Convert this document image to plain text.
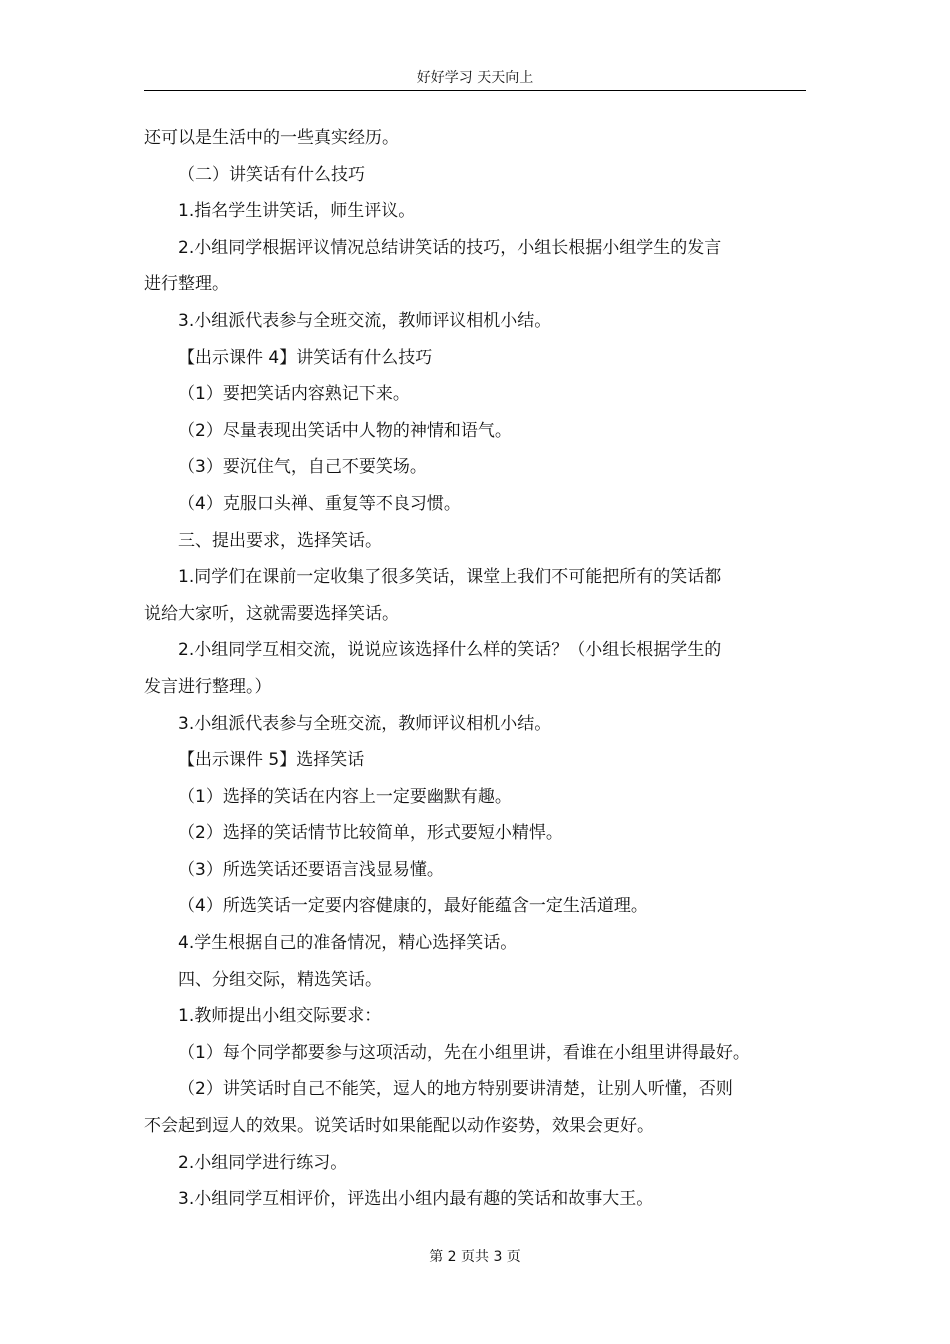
好好学习 天天向上

还可以是生活中的一些真实经历。

（二）讲笑话有什么技巧

1.指名学生讲笑话，师生评议。

2.小组同学根据评议情况总结讲笑话的技巧，小组长根据小组学生的发言

进行整理。

3.小组派代表参与全班交流，教师评议相机小结。

【出示课件 4】讲笑话有什么技巧

（1）要把笑话内容熟记下来。

（2）尽量表现出笑话中人物的神情和语气。

（3）要沉住气，自己不要笑场。

（4）克服口头禅、重复等不良习惯。

三、提出要求，选择笑话。

1.同学们在课前一定收集了很多笑话，课堂上我们不可能把所有的笑话都

说给大家听，这就需要选择笑话。

2.小组同学互相交流，说说应该选择什么样的笑话？（小组长根据学生的

发言进行整理。）

3.小组派代表参与全班交流，教师评议相机小结。

【出示课件 5】选择笑话

（1）选择的笑话在内容上一定要幽默有趣。

（2）选择的笑话情节比较简单，形式要短小精悍。

（3）所选笑话还要语言浅显易懂。

（4）所选笑话一定要内容健康的，最好能蕴含一定生活道理。

4.学生根据自己的准备情况，精心选择笑话。

四、分组交际，精选笑话。

1.教师提出小组交际要求：

（1）每个同学都要参与这项活动，先在小组里讲，看谁在小组里讲得最好。

（2）讲笑话时自己不能笑，逗人的地方特别要讲清楚，让别人听懂，否则

不会起到逗人的效果。说笑话时如果能配以动作姿势，效果会更好。

2.小组同学进行练习。

3.小组同学互相评价，评选出小组内最有趣的笑话和故事大王。

第 2 页共 3 页
